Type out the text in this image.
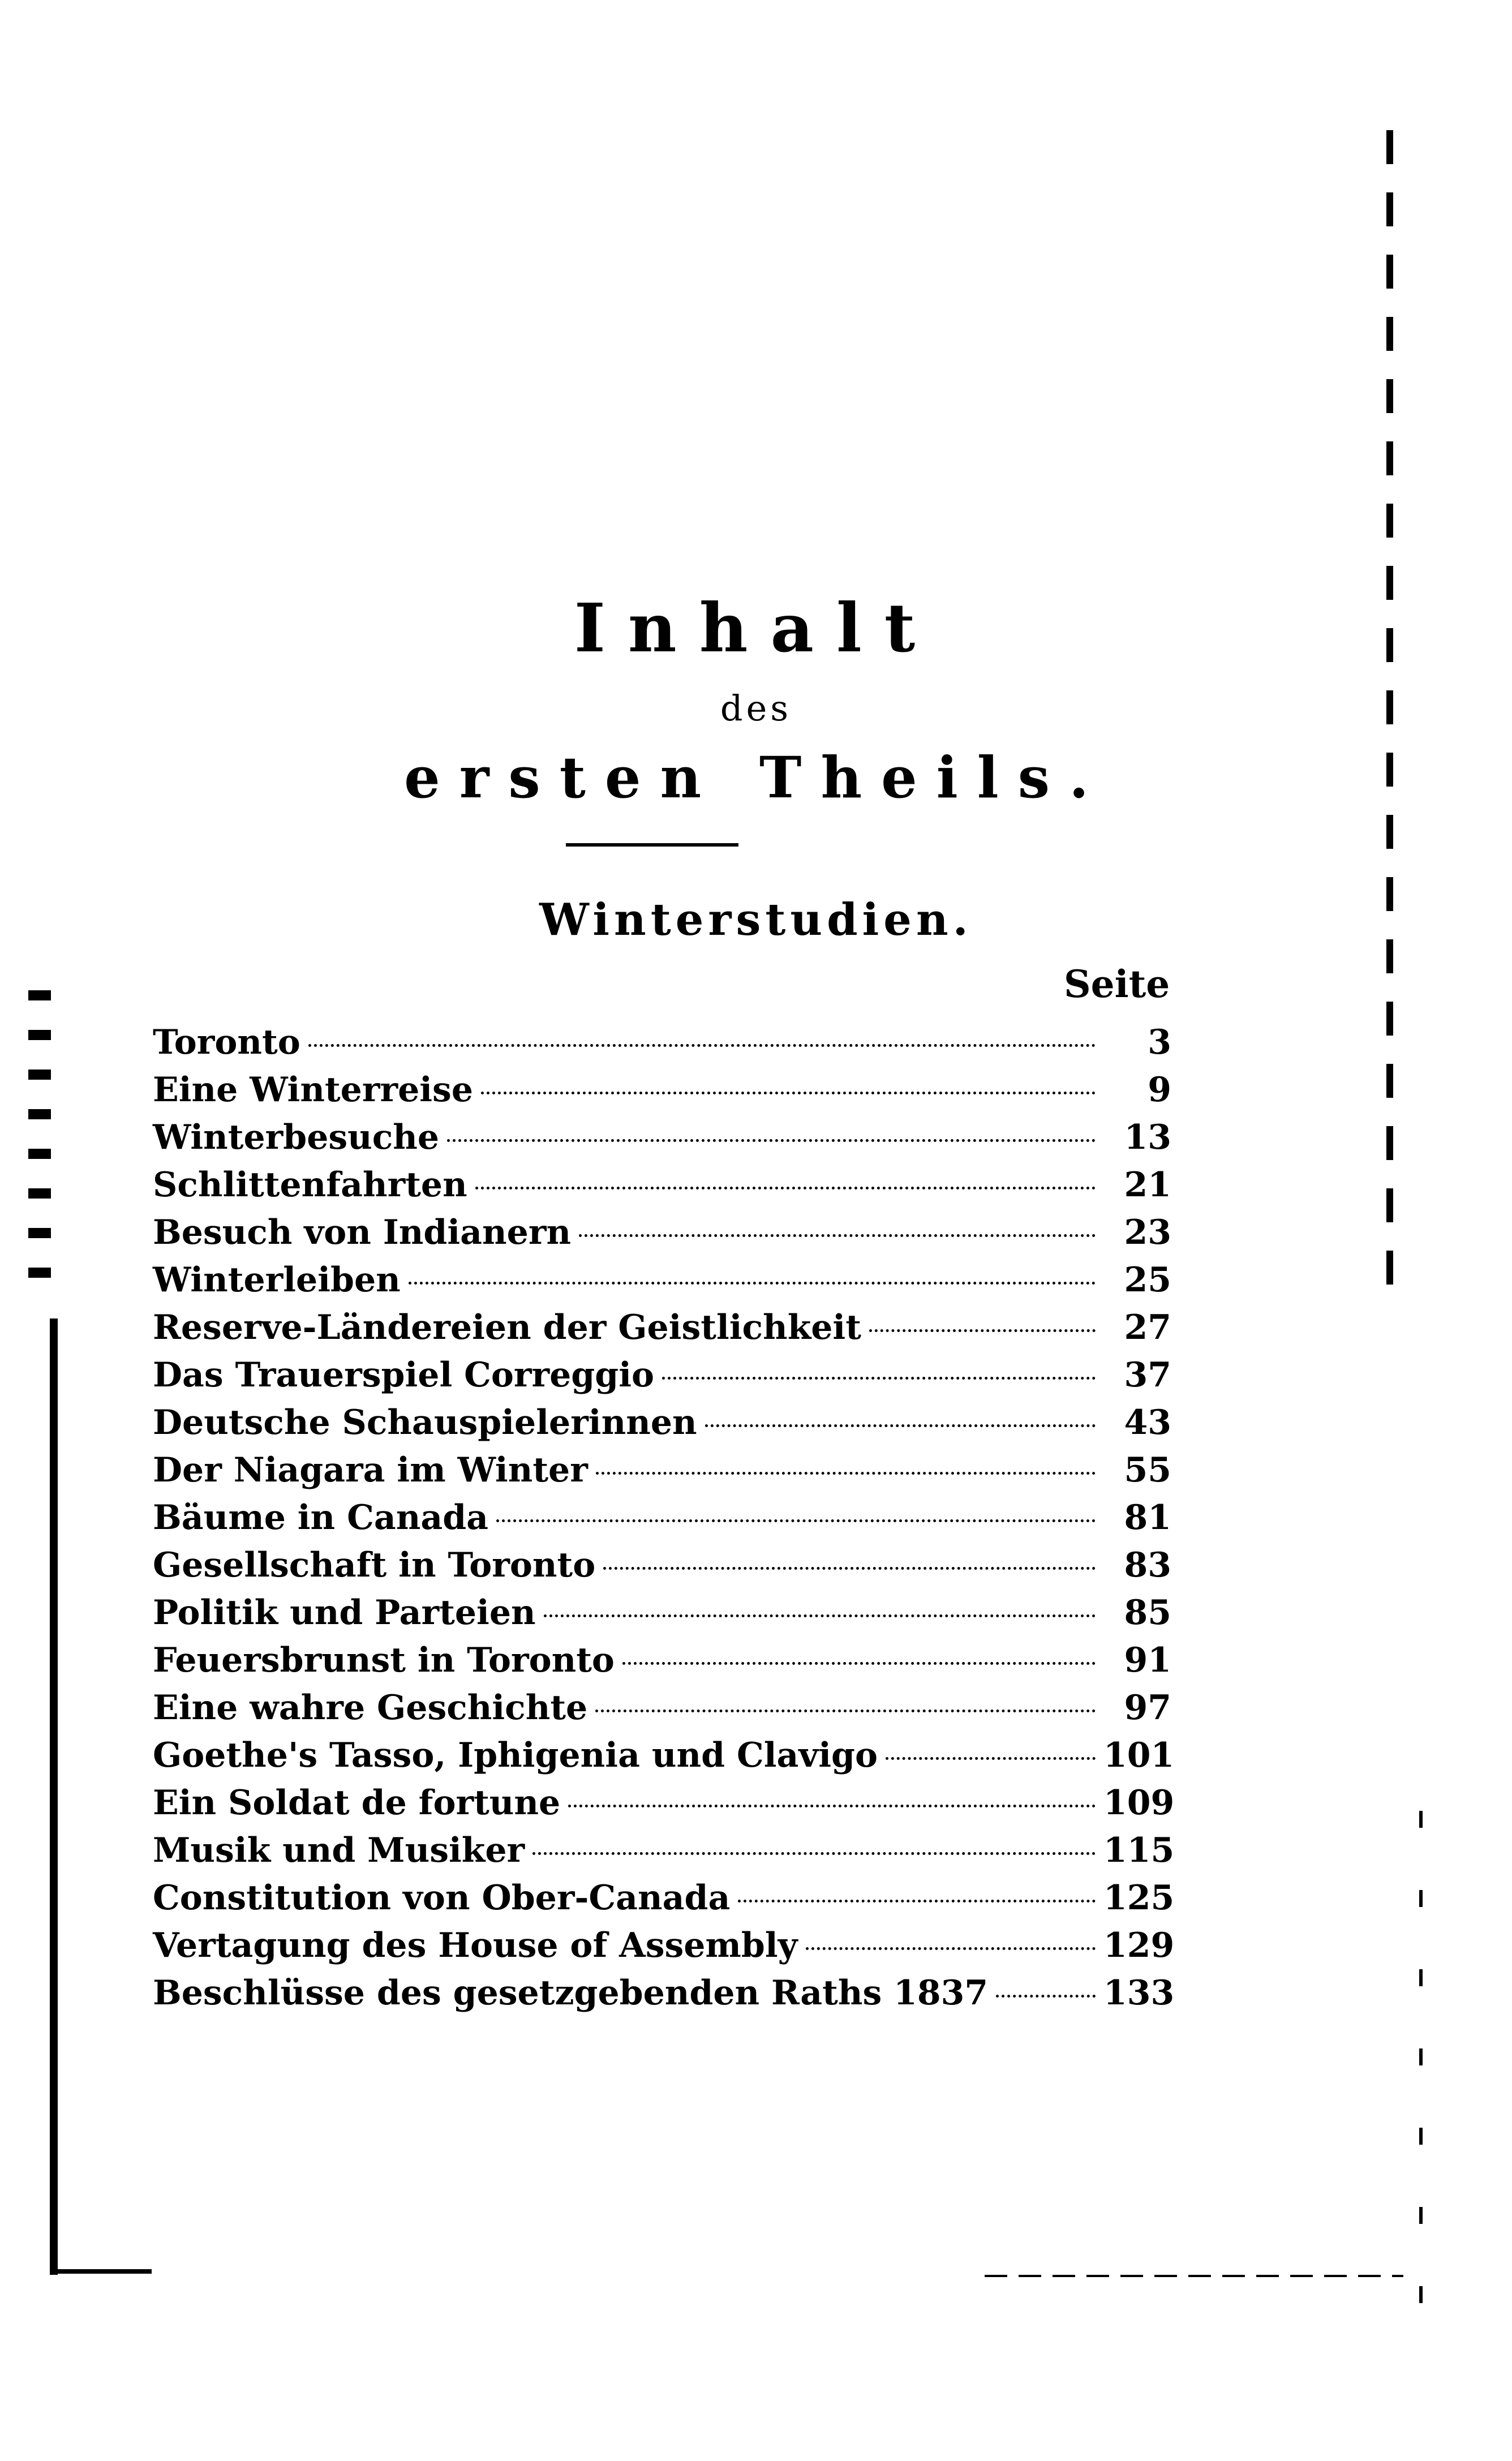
Inhalt
des
ersten Theils.
Winterstudien.
Seite
Toronto	3
Eine Winterreise	9
Winterbesuche	13
Schlittenfahrten	21
Besuch von Indianern	23
Winterleiben	25
Reserve-Ländereien der Geistlichkeit	27
Das Trauerspiel Correggio	37
Deutsche Schauspielerinnen	43
Der Niagara im Winter	55
Bäume in Canada	81
Gesellschaft in Toronto	83
Politik und Parteien	85
Feuersbrunst in Toronto	91
Eine wahre Geschichte	97
Goethe's Tasso, Iphigenia und Clavigo	101
Ein Soldat de fortune	109
Musik und Musiker	115
Constitution von Ober-Canada	125
Vertagung des House of Assembly	129
Beschlüsse des gesetzgebenden Raths 1837	133
